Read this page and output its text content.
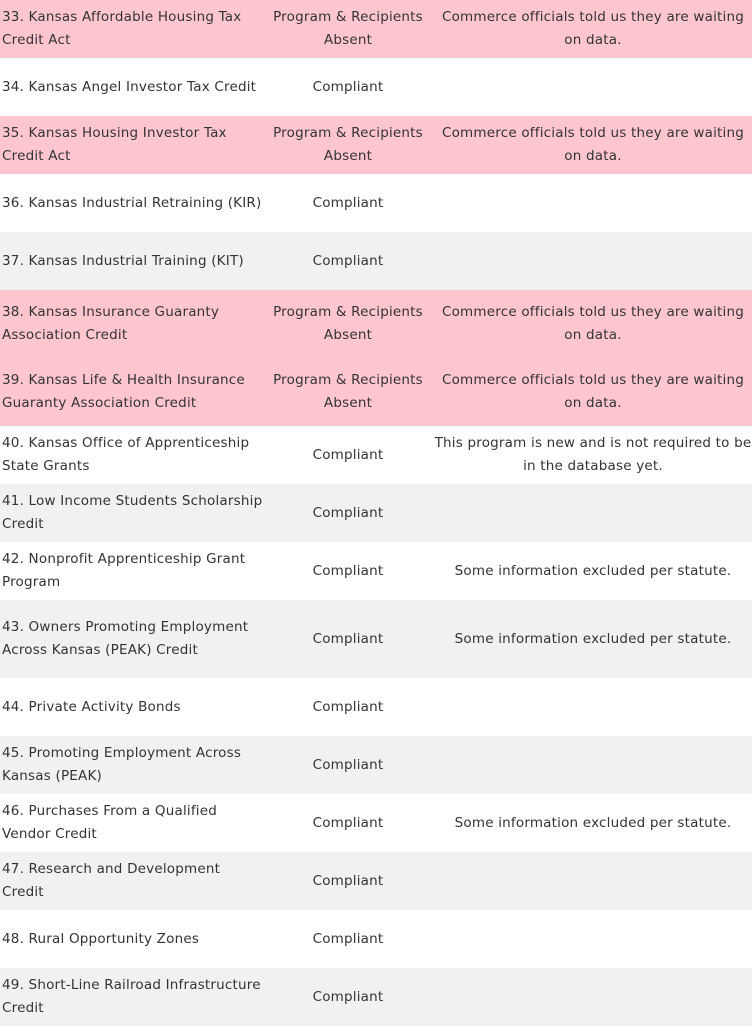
33. Kansas Affordable Housing Tax Credit Act	Program & Recipients Absent	Commerce officials told us they are waiting on data.
34. Kansas Angel Investor Tax Credit	Compliant	
35. Kansas Housing Investor Tax Credit Act	Program & Recipients Absent	Commerce officials told us they are waiting on data.
36. Kansas Industrial Retraining (KIR)	Compliant	
37. Kansas Industrial Training (KIT)	Compliant	
38. Kansas Insurance Guaranty Association Credit	Program & Recipients Absent	Commerce officials told us they are waiting on data.
39. Kansas Life & Health Insurance Guaranty Association Credit	Program & Recipients Absent	Commerce officials told us they are waiting on data.
40. Kansas Office of Apprenticeship State Grants	Compliant	This program is new and is not required to be in the database yet.
41. Low Income Students Scholarship Credit	Compliant	
42. Nonprofit Apprenticeship Grant Program	Compliant	Some information excluded per statute.
43. Owners Promoting Employment Across Kansas (PEAK) Credit	Compliant	Some information excluded per statute.
44. Private Activity Bonds	Compliant	
45. Promoting Employment Across Kansas (PEAK)	Compliant	
46. Purchases From a Qualified Vendor Credit	Compliant	Some information excluded per statute.
47. Research and Development Credit	Compliant	
48. Rural Opportunity Zones	Compliant	
49. Short-Line Railroad Infrastructure Credit	Compliant	
